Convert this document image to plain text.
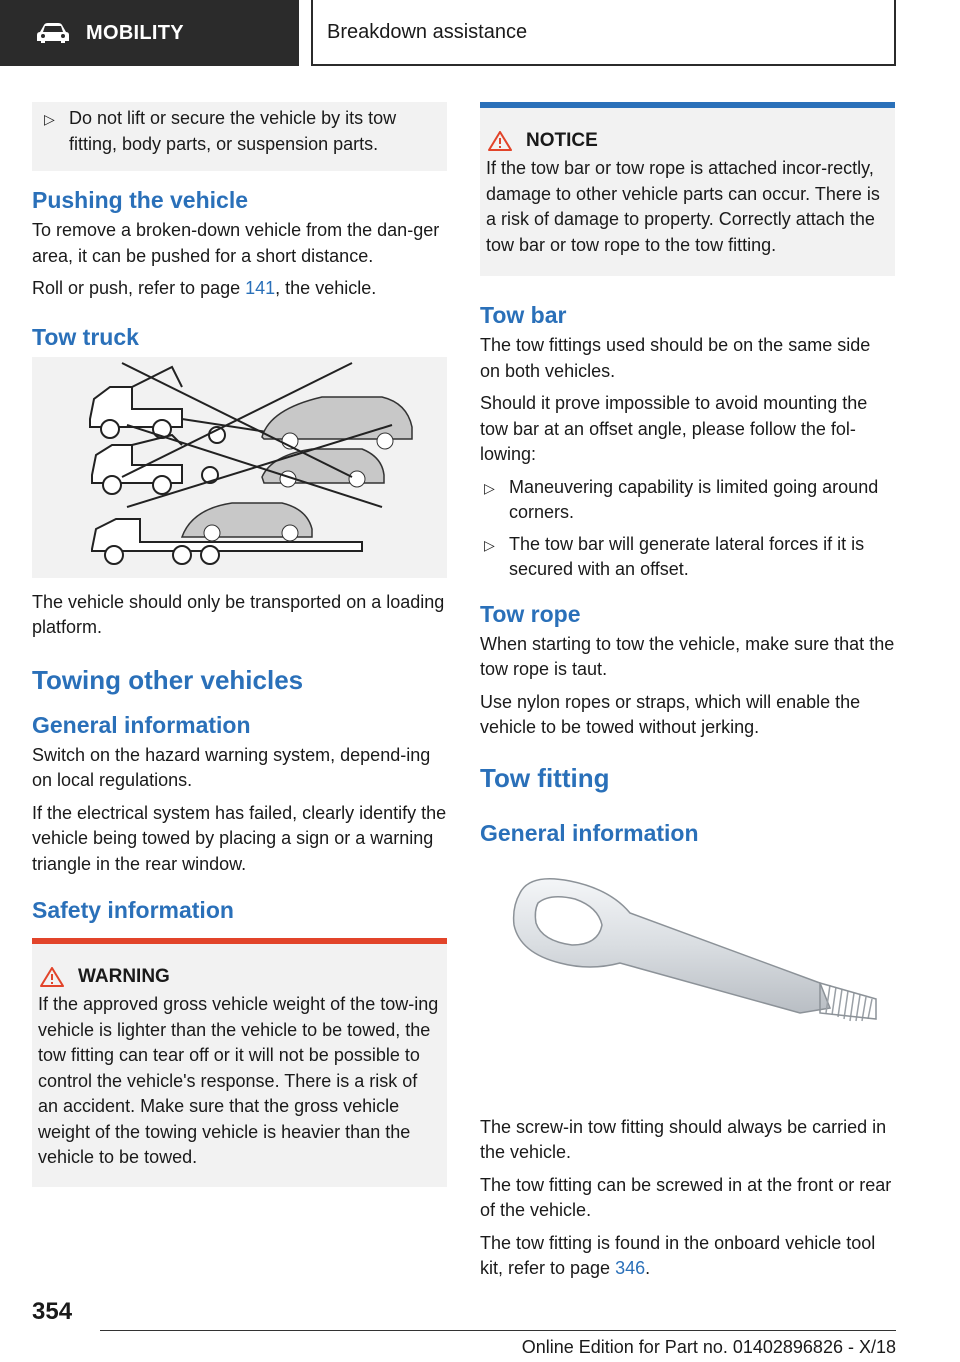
MOBILITY	Breakdown assistance
▷ Do not lift or secure the vehicle by its tow fitting, body parts, or suspension parts.
Pushing the vehicle

To remove a broken-down vehicle from the dan‐ger area, it can be pushed for a short distance.

Roll or push, refer to page 141, the vehicle.

Tow truck

The vehicle should only be transported on a loading platform.

Towing other vehicles
General information

Switch on the hazard warning system, depend‐ing on local regulations.

If the electrical system has failed, clearly identify the vehicle being towed by placing a sign or a warning triangle in the rear window.

Safety information
WARNING
If the approved gross vehicle weight of the tow‐ing vehicle is lighter than the vehicle to be towed, the tow fitting can tear off or it will not be possible to control the vehicle's response. There is a risk of an accident. Make sure that the gross vehicle weight of the towing vehicle is heavier than the vehicle to be towed.
NOTICE
If the tow bar or tow rope is attached incor‐rectly, damage to other vehicle parts can occur. There is a risk of damage to property. Correctly attach the tow bar or tow rope to the tow fitting.
Tow bar

The tow fittings used should be on the same side on both vehicles.

Should it prove impossible to avoid mounting the tow bar at an offset angle, please follow the fol‐lowing:

▷ Maneuvering capability is limited going around corners.
▷ The tow bar will generate lateral forces if it is secured with an offset.
Tow rope

When starting to tow the vehicle, make sure that the tow rope is taut.

Use nylon ropes or straps, which will enable the vehicle to be towed without jerking.

Tow fitting
General information

The screw-in tow fitting should always be carried in the vehicle.

The tow fitting can be screwed in at the front or rear of the vehicle.

The tow fitting is found in the onboard vehicle tool kit, refer to page 346.

354
Online Edition for Part no. 01402896826 - X/18
